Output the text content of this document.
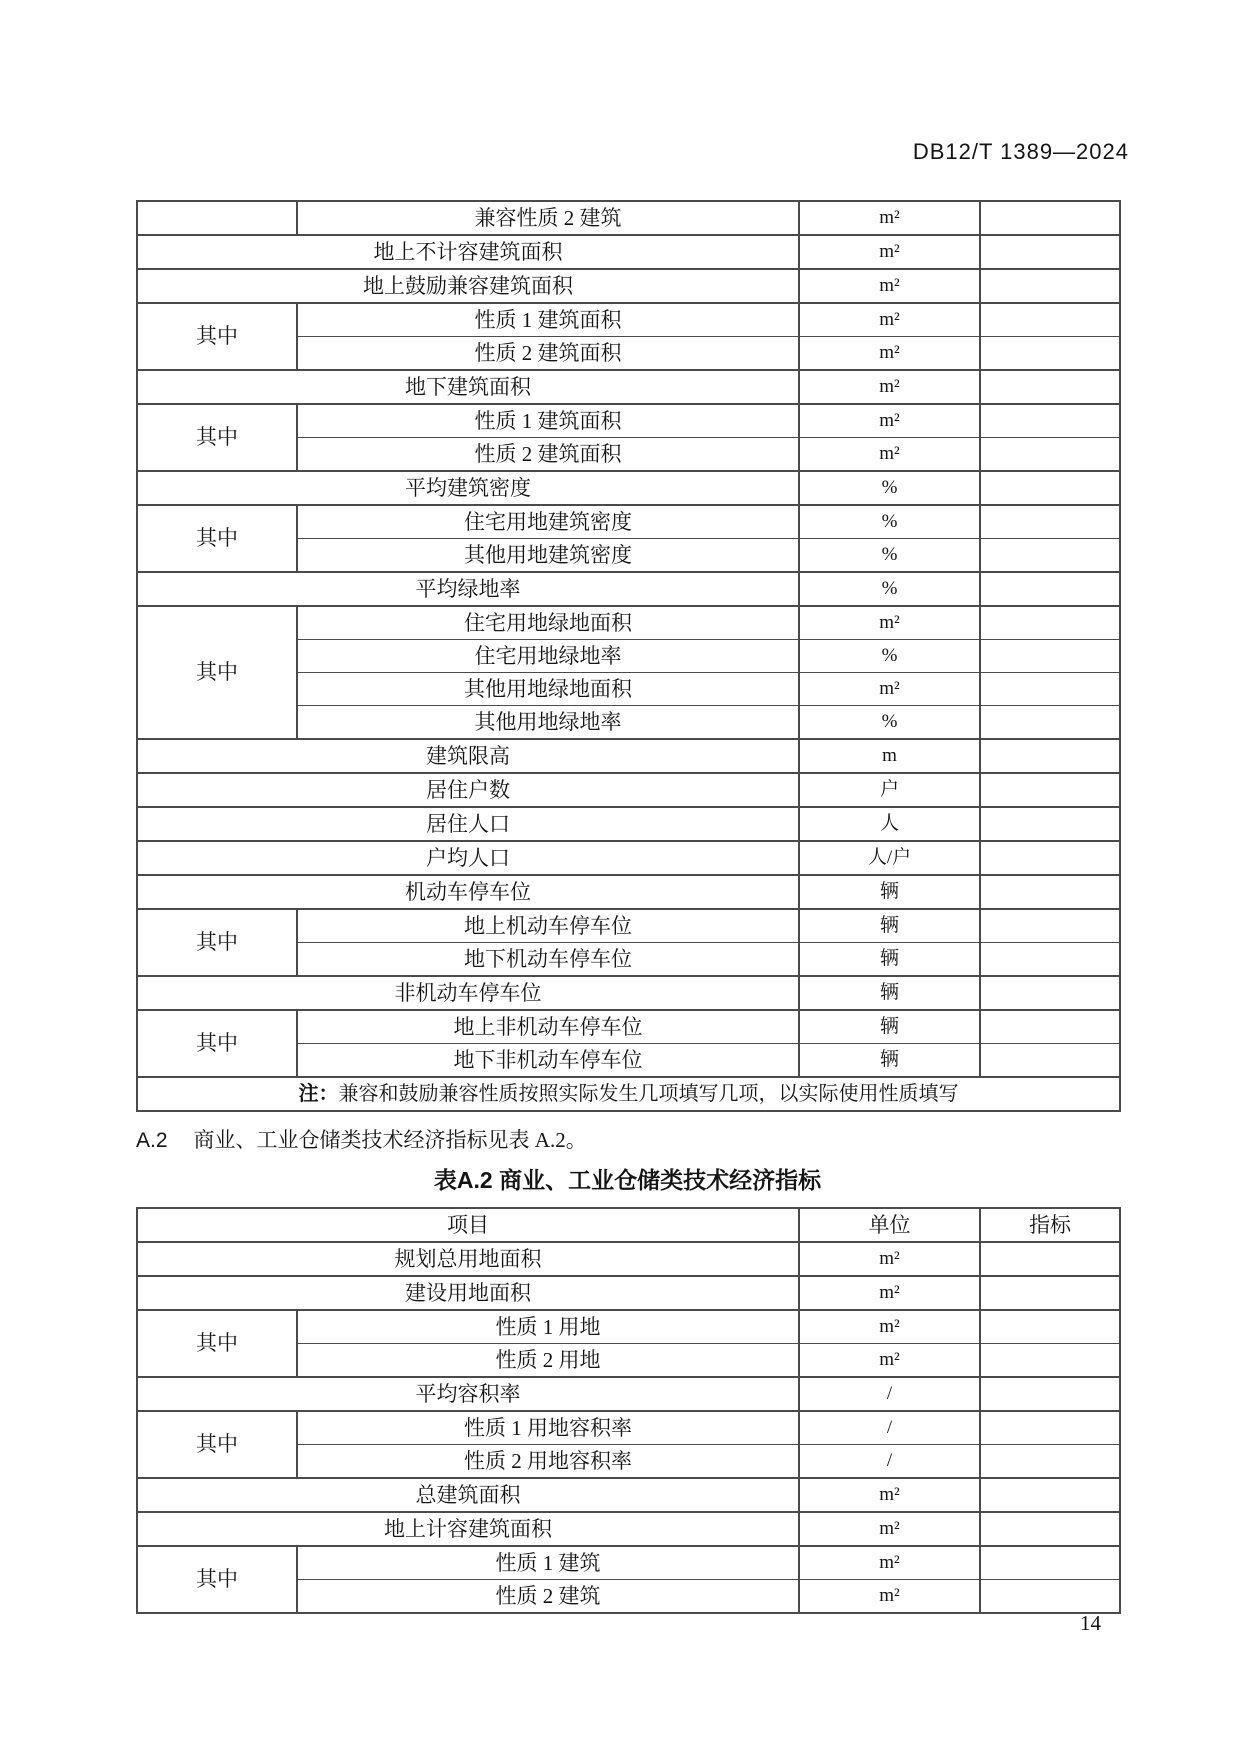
DB12/T 1389—2024
	兼容性质 2 建筑	m²	
地上不计容建筑面积		m²	
地上鼓励兼容建筑面积		m²	
其中	性质 1 建筑面积	m²	
	性质 2 建筑面积	m²	
地下建筑面积		m²	
其中	性质 1 建筑面积	m²	
	性质 2 建筑面积	m²	
平均建筑密度		%	
其中	住宅用地建筑密度	%	
	其他用地建筑密度	%	
平均绿地率		%	
其中	住宅用地绿地面积	m²	
	住宅用地绿地率	%	
	其他用地绿地面积	m²	
	其他用地绿地率	%	
建筑限高		m	
居住户数		户	
居住人口		人	
户均人口		人/户	
机动车停车位		辆	
其中	地上机动车停车位	辆	
	地下机动车停车位	辆	
非机动车停车位		辆	
其中	地上非机动车停车位	辆	
	地下非机动车停车位	辆	
注：兼容和鼓励兼容性质按照实际发生几项填写几项，以实际使用性质填写			
A.2 商业、工业仓储类技术经济指标见表 A.2。
表A.2 商业、工业仓储类技术经济指标
项目		单位	指标
规划总用地面积		m²	
建设用地面积		m²	
其中	性质 1 用地	m²	
	性质 2 用地	m²	
平均容积率		/	
其中	性质 1 用地容积率	/	
	性质 2 用地容积率	/	
总建筑面积		m²	
地上计容建筑面积		m²	
其中	性质 1 建筑	m²	
	性质 2 建筑	m²	
14
